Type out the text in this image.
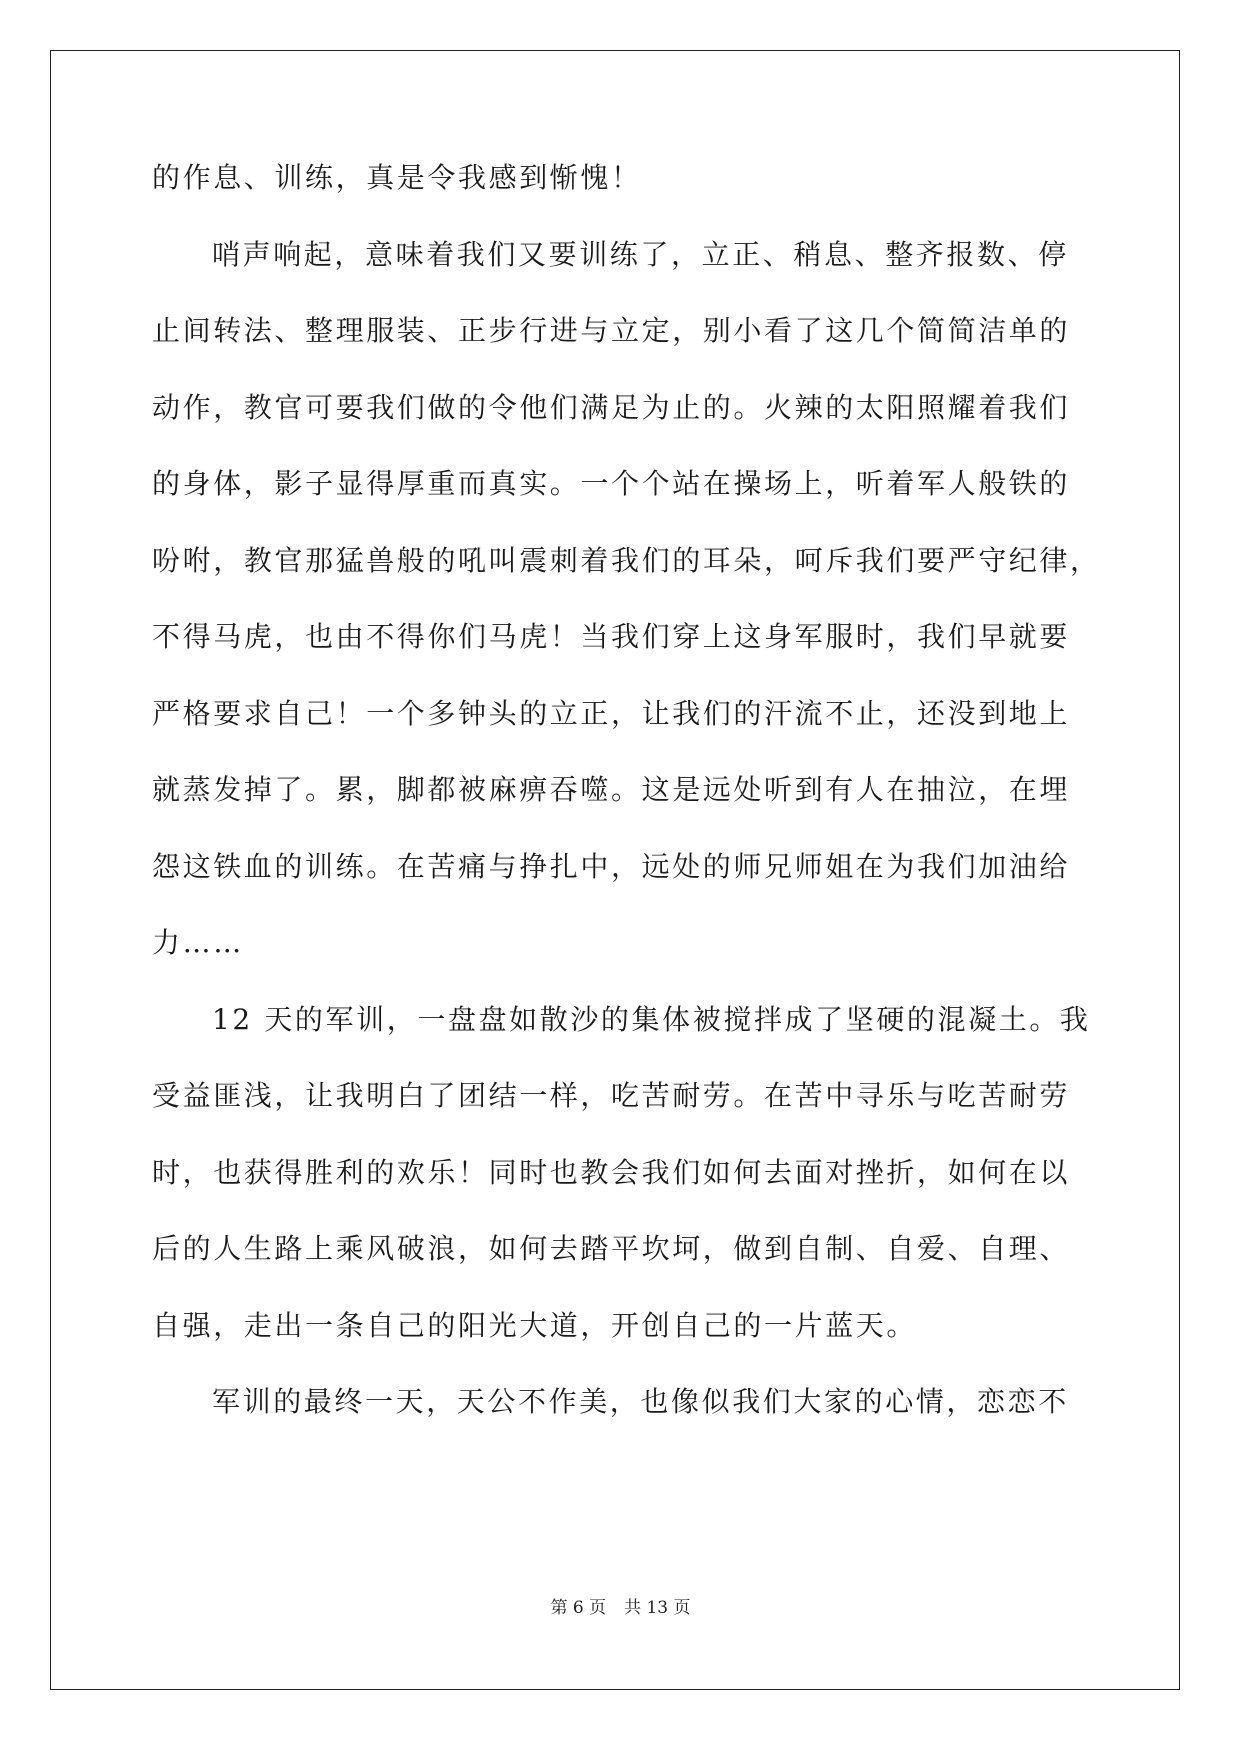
的作息、训练，真是令我感到惭愧！
哨声响起，意味着我们又要训练了，立正、稍息、整齐报数、停
止间转法、整理服装、正步行进与立定，别小看了这几个简简洁单的
动作，教官可要我们做的令他们满足为止的。火辣的太阳照耀着我们
的身体，影子显得厚重而真实。一个个站在操场上，听着军人般铁的
吩咐，教官那猛兽般的吼叫震刺着我们的耳朵，呵斥我们要严守纪律，
不得马虎，也由不得你们马虎！当我们穿上这身军服时，我们早就要
严格要求自己！一个多钟头的立正，让我们的汗流不止，还没到地上
就蒸发掉了。累，脚都被麻痹吞噬。这是远处听到有人在抽泣，在埋
怨这铁血的训练。在苦痛与挣扎中，远处的师兄师姐在为我们加油给
力……
12 天的军训，一盘盘如散沙的集体被搅拌成了坚硬的混凝土。我
受益匪浅，让我明白了团结一样，吃苦耐劳。在苦中寻乐与吃苦耐劳
时，也获得胜利的欢乐！同时也教会我们如何去面对挫折，如何在以
后的人生路上乘风破浪，如何去踏平坎坷，做到自制、自爱、自理、
自强，走出一条自己的阳光大道，开创自己的一片蓝天。
军训的最终一天，天公不作美，也像似我们大家的心情，恋恋不
第 6 页 共 13 页
